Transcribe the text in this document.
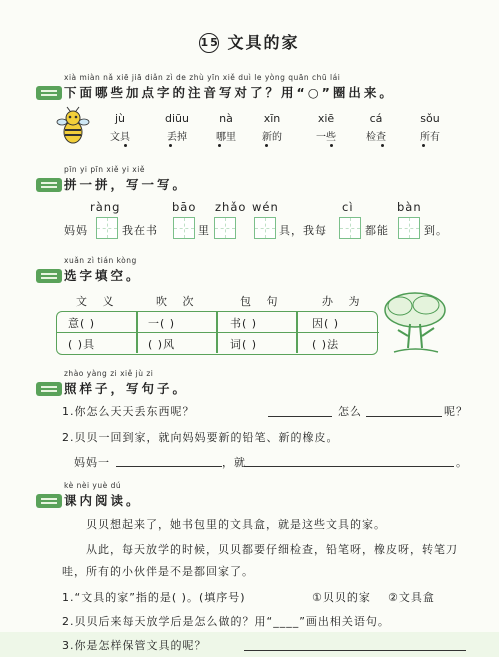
15 文具的家
xià miàn nǎ xiē jiā diǎn zì de zhù yīn xiě duì le yòng quān chū lái
下面哪些加点字的注音写对了？用“○”圈出来。
jù
文具
diūu
丢掉
nà
哪里
xīn
新的
xiē
一些
cá
检查
sǒu
所有
pīn yi pīn xiě yi xiě
拼一拼，写一写。
ràng	bāo zhǎo wén	cì	bàn
妈妈	我在书	里	具，我每	都能	到。
xuǎn zì tián kòng
选字填空。
文 义	吹 次	包 句	办 为
意( )	一( )	书( )	因( )
( )具	( )风	词( )	( )法
zhào yàng zi xiě jù zi
照样子，写句子。
1.你怎么天天丢东西呢？	怎么	呢？
2.贝贝一回到家，就向妈妈要新的铅笔、新的橡皮。
妈妈一	，就	。
kè nèi yuè dú
课内阅读。
贝贝想起来了，她书包里的文具盒，就是这些文具的家。
从此，每天放学的时候，贝贝都要仔细检查，铅笔呀，橡皮呀，转笔刀
哇，所有的小伙伴是不是都回家了。
1.“文具的家”指的是( )。(填序号)	①贝贝的家 ②文具盒
2.贝贝后来每天放学后是怎么做的？用“____”画出相关语句。
3.你是怎样保管文具的呢？
